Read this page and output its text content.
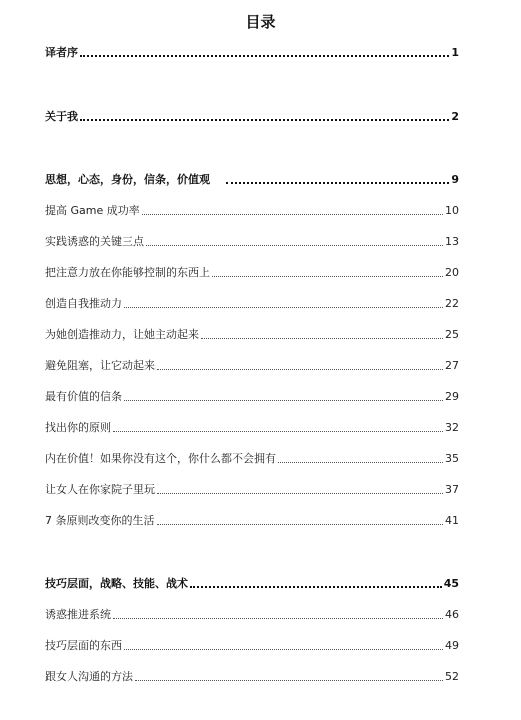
目录
译者序	1
关于我	2
思想，心态，身份，信条，价值观	9
提高 Game 成功率	10
实践诱惑的关键三点	13
把注意力放在你能够控制的东西上	20
创造自我推动力	22
为她创造推动力，让她主动起来	25
避免阻塞，让它动起来	27
最有价值的信条	29
找出你的原则	32
内在价值！如果你没有这个，你什么都不会拥有	35
让女人在你家院子里玩	37
7 条原则改变你的生活	41
技巧层面，战略、技能、战术	45
诱惑推进系统	46
技巧层面的东西	49
跟女人沟通的方法	52
